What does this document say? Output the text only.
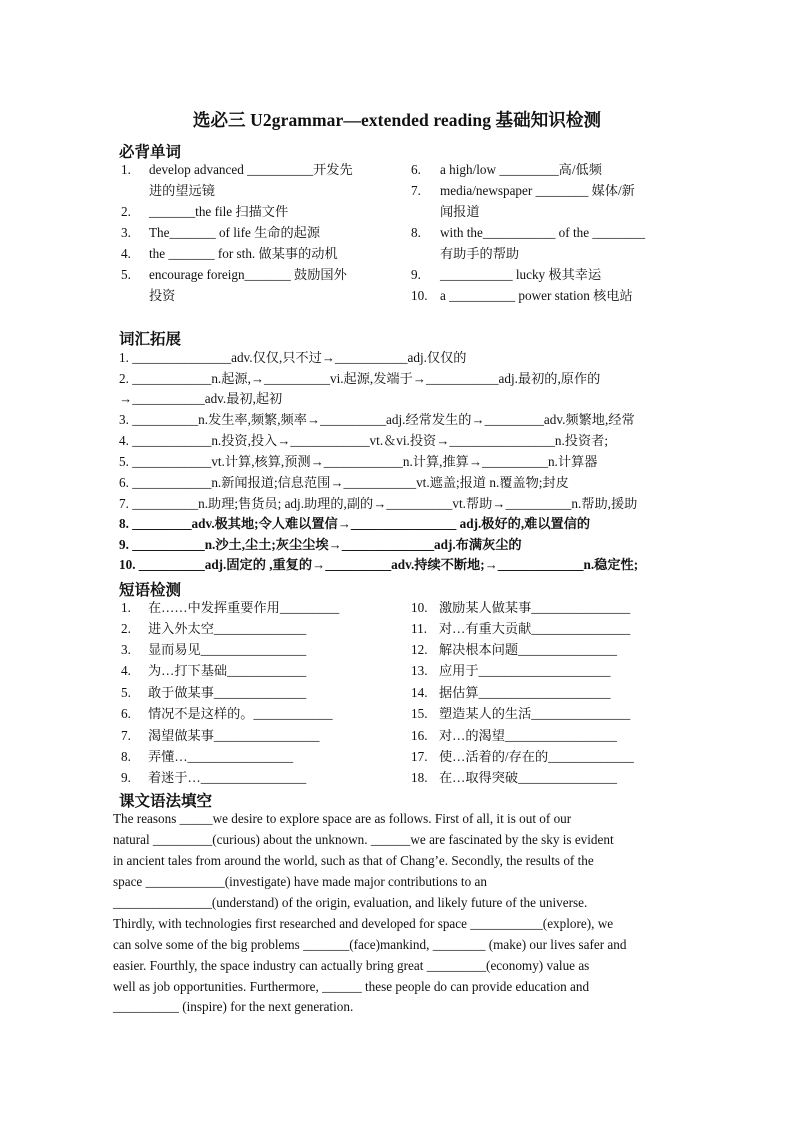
选必三 U2grammar—extended reading 基础知识检测
必背单词
1. develop advanced __________开发先
进的望远镜
2. _______the file 扫描文件
3. The_______ of life 生命的起源
4. the _______ for sth. 做某事的动机
5. encourage foreign_______ 鼓励国外
投资
6. a high/low _________高/低频
7. media/newspaper ________ 媒体/新
闻报道
8. with the___________ of the ________
有助手的帮助
9. ___________ lucky 极其幸运
10. a __________ power station 核电站
词汇拓展
1. _______________adv.仅仅,只不过→___________adj.仅仅的
2. ____________n.起源,→__________vi.起源,发端于→___________adj.最初的,原作的
→___________adv.最初,起初
3. __________n.发生率,频繁,频率→__________adj.经常发生的→_________adv.频繁地,经常
4. ____________n.投资,投入→____________vt.＆vi.投资→________________n.投资者;
5. ____________vt.计算,核算,预测→____________n.计算,推算→__________n.计算器
6. ____________n.新闻报道;信息范围→___________vt.遮盖;报道 n.覆盖物;封皮
7. __________n.助理;售货员; adj.助理的,副的→__________vt.帮助→__________n.帮助,援助
8. _________adv.极其地;令人难以置信→________________ adj.极好的,难以置信的
9. ___________n.沙土,尘土;灰尘尘埃→______________adj.布满灰尘的
10. __________adj.固定的 ,重复的→__________adv.持续不断地;→_____________n.稳定性;
短语检测
1. 在……中发挥重要作用_________
2. 进入外太空______________
3. 显而易见________________
4. 为…打下基础____________
5. 敢于做某事______________
6. 情况不是这样的。____________
7. 渴望做某事________________
8. 弄懂…________________
9. 着迷于…________________
10. 激励某人做某事_______________
11. 对…有重大贡献_______________
12. 解决根本问题_______________
13. 应用于____________________
14. 据估算____________________
15. 塑造某人的生活_______________
16. 对…的渴望_________________
17. 使…活着的/存在的_____________
18. 在…取得突破_______________
课文语法填空
The reasons _____we desire to explore space are as follows. First of all, it is out of our
natural _________(curious) about the unknown. ______we are fascinated by the sky is evident
in ancient tales from around the world, such as that of Chang’e. Secondly, the results of the
space ____________(investigate) have made major contributions to an
_______________(understand) of the origin, evaluation, and likely future of the universe.
Thirdly, with technologies first researched and developed for space ___________(explore), we
can solve some of the big problems _______(face)mankind, ________ (make) our lives safer and
easier. Fourthly, the space industry can actually bring great _________(economy) value as
well as job opportunities. Furthermore, ______ these people do can provide education and
__________ (inspire) for the next generation.
